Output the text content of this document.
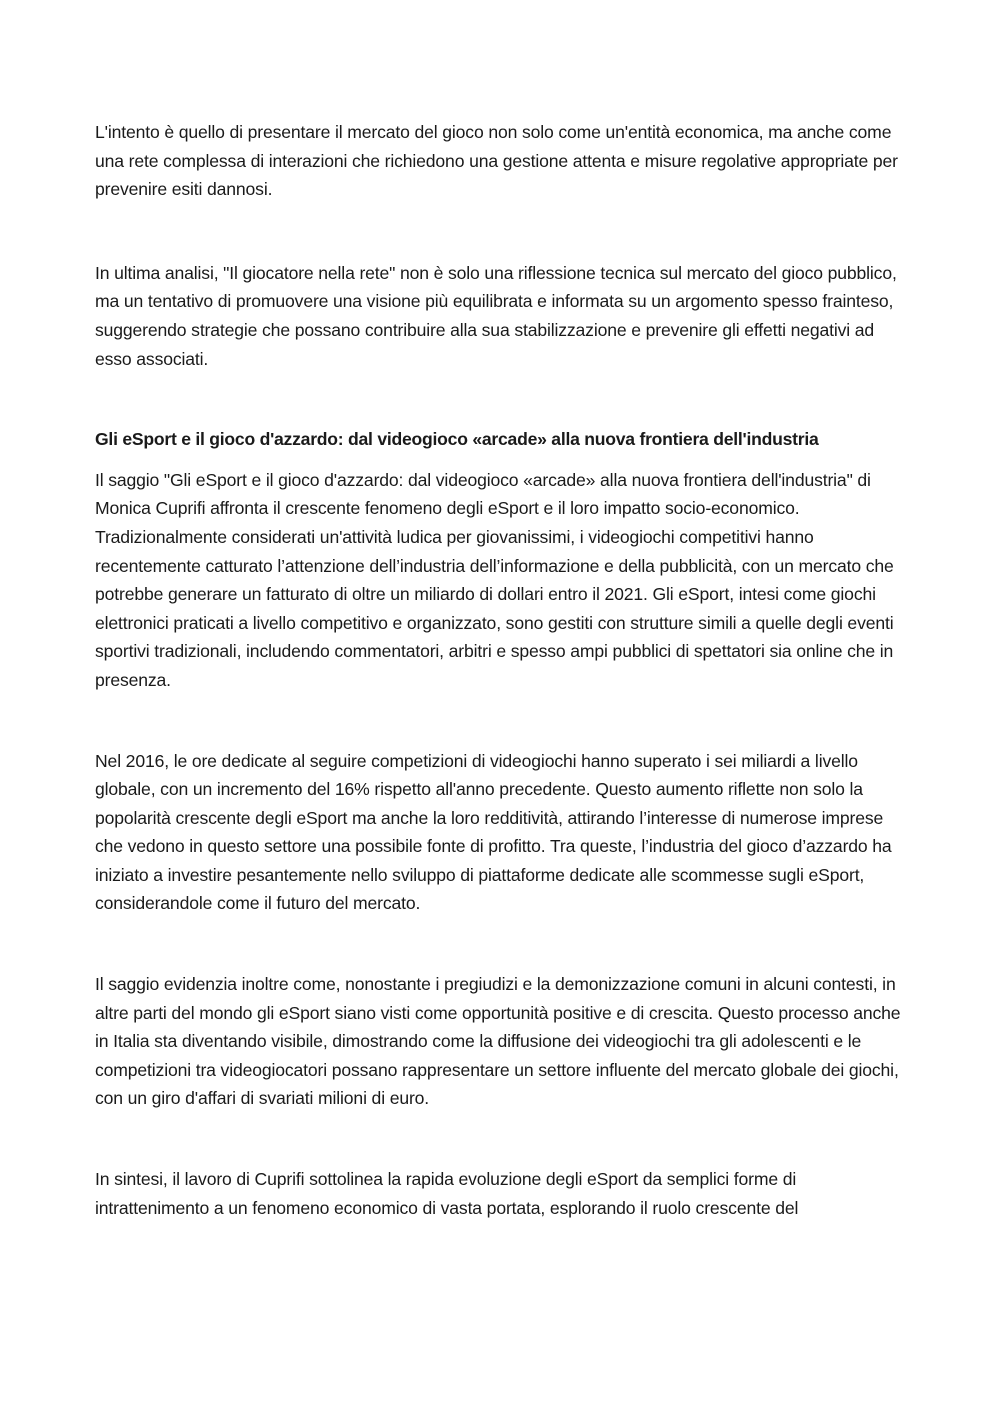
L'intento è quello di presentare il mercato del gioco non solo come un'entità economica, ma anche come una rete complessa di interazioni che richiedono una gestione attenta e misure regolative appropriate per prevenire esiti dannosi.

In ultima analisi, "Il giocatore nella rete" non è solo una riflessione tecnica sul mercato del gioco pubblico, ma un tentativo di promuovere una visione più equilibrata e informata su un argomento spesso frainteso, suggerendo strategie che possano contribuire alla sua stabilizzazione e prevenire gli effetti negativi ad esso associati.

Gli eSport e il gioco d'azzardo: dal videogioco «arcade» alla nuova frontiera dell'industria

Il saggio "Gli eSport e il gioco d'azzardo: dal videogioco «arcade» alla nuova frontiera dell'industria" di Monica Cuprifi affronta il crescente fenomeno degli eSport e il loro impatto socio-economico. Tradizionalmente considerati un'attività ludica per giovanissimi, i videogiochi competitivi hanno recentemente catturato l’attenzione dell’industria dell’informazione e della pubblicità, con un mercato che potrebbe generare un fatturato di oltre un miliardo di dollari entro il 2021. Gli eSport, intesi come giochi elettronici praticati a livello competitivo e organizzato, sono gestiti con strutture simili a quelle degli eventi sportivi tradizionali, includendo commentatori, arbitri e spesso ampi pubblici di spettatori sia online che in presenza.

Nel 2016, le ore dedicate al seguire competizioni di videogiochi hanno superato i sei miliardi a livello globale, con un incremento del 16% rispetto all'anno precedente. Questo aumento riflette non solo la popolarità crescente degli eSport ma anche la loro redditività, attirando l’interesse di numerose imprese che vedono in questo settore una possibile fonte di profitto. Tra queste, l’industria del gioco d’azzardo ha iniziato a investire pesantemente nello sviluppo di piattaforme dedicate alle scommesse sugli eSport, considerandole come il futuro del mercato.

Il saggio evidenzia inoltre come, nonostante i pregiudizi e la demonizzazione comuni in alcuni contesti, in altre parti del mondo gli eSport siano visti come opportunità positive e di crescita. Questo processo anche in Italia sta diventando visibile, dimostrando come la diffusione dei videogiochi tra gli adolescenti e le competizioni tra videogiocatori possano rappresentare un settore influente del mercato globale dei giochi, con un giro d'affari di svariati milioni di euro.

In sintesi, il lavoro di Cuprifi sottolinea la rapida evoluzione degli eSport da semplici forme di intrattenimento a un fenomeno economico di vasta portata, esplorando il ruolo crescente del
